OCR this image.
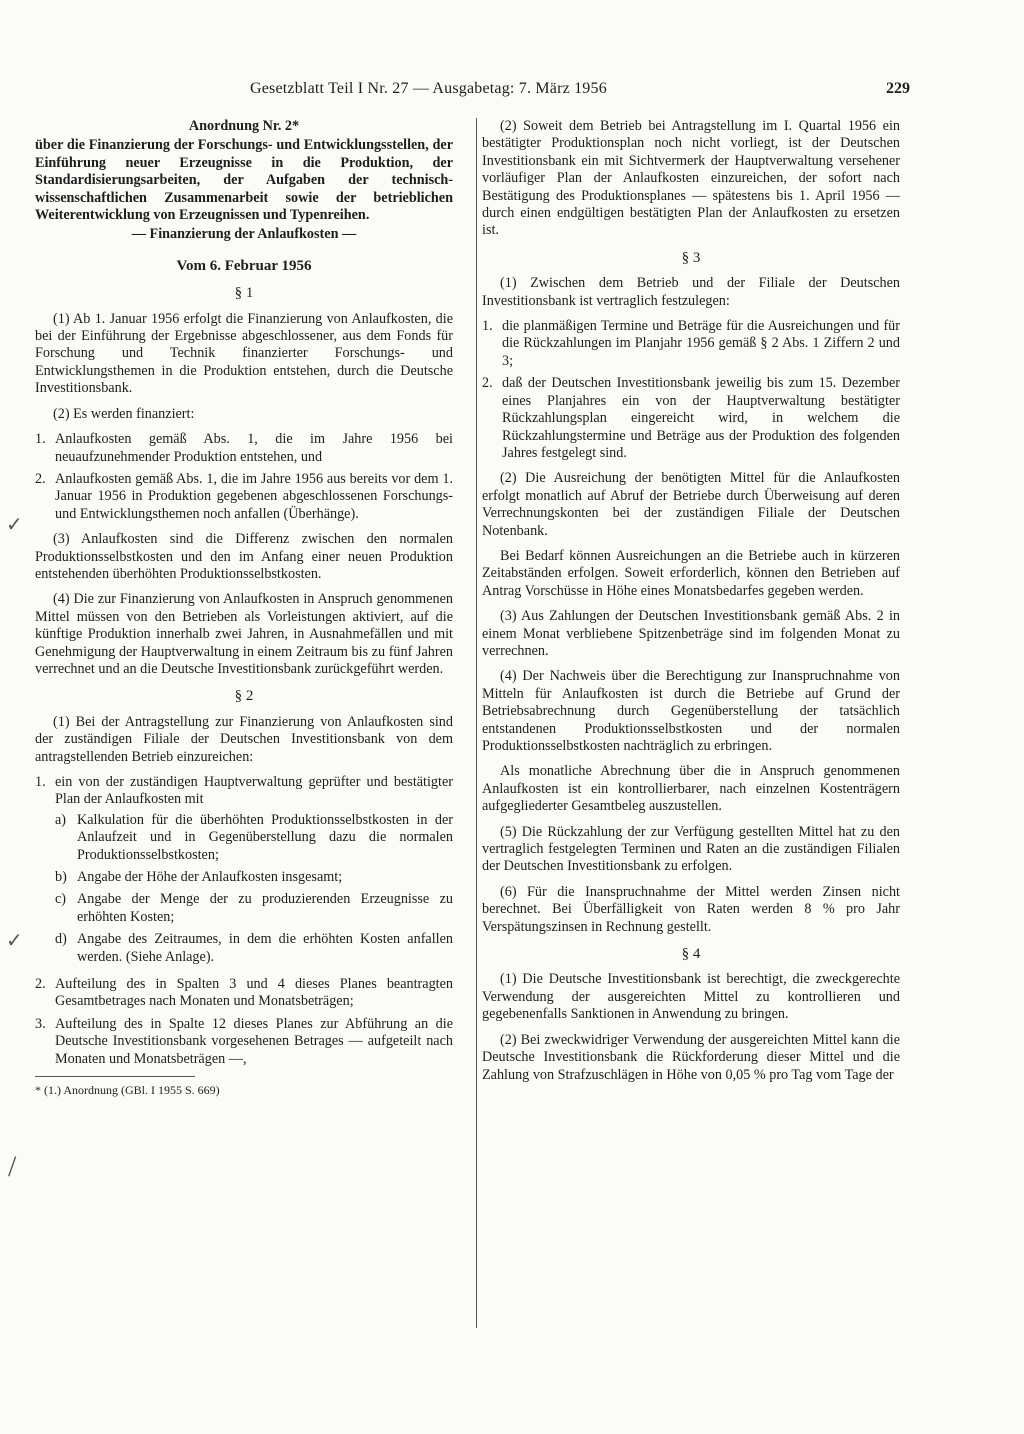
Gesetzblatt Teil I Nr. 27 — Ausgabetag: 7. März 1956	229
✓
✓
/
Anordnung Nr. 2*
über die Finanzierung der Forschungs- und Entwicklungsstellen, der Einführung neuer Erzeugnisse in die Produktion, der Standardisierungsarbeiten, der Aufgaben der technisch-wissenschaftlichen Zusammenarbeit sowie der betrieblichen Weiterentwicklung von Erzeugnissen und Typenreihen.
— Finanzierung der Anlaufkosten —
Vom 6. Februar 1956
§ 1

(1) Ab 1. Januar 1956 erfolgt die Finanzierung von Anlaufkosten, die bei der Einführung der Ergebnisse abgeschlossener, aus dem Fonds für Forschung und Technik finanzierter Forschungs- und Entwicklungsthemen in die Produktion entstehen, durch die Deutsche Investitionsbank.

(2) Es werden finanziert:

1. Anlaufkosten gemäß Abs. 1, die im Jahre 1956 bei neuaufzunehmender Produktion entstehen, und
2. Anlaufkosten gemäß Abs. 1, die im Jahre 1956 aus bereits vor dem 1. Januar 1956 in Produktion gegebenen abgeschlossenen Forschungs- und Entwicklungsthemen noch anfallen (Überhänge).

(3) Anlaufkosten sind die Differenz zwischen den normalen Produktionsselbstkosten und den im Anfang einer neuen Produktion entstehenden überhöhten Produktionsselbstkosten.

(4) Die zur Finanzierung von Anlaufkosten in Anspruch genommenen Mittel müssen von den Betrieben als Vorleistungen aktiviert, auf die künftige Produktion innerhalb zwei Jahren, in Ausnahmefällen und mit Genehmigung der Hauptverwaltung in einem Zeitraum bis zu fünf Jahren verrechnet und an die Deutsche Investitionsbank zurückgeführt werden.

§ 2

(1) Bei der Antragstellung zur Finanzierung von Anlaufkosten sind der zuständigen Filiale der Deutschen Investitionsbank von dem antragstellenden Betrieb einzureichen:

1. ein von der zuständigen Hauptverwaltung geprüfter und bestätigter Plan der Anlaufkosten mit
a) Kalkulation für die überhöhten Produktionsselbstkosten in der Anlaufzeit und in Gegenüberstellung dazu die normalen Produktionsselbstkosten;
b) Angabe der Höhe der Anlaufkosten insgesamt;
c) Angabe der Menge der zu produzierenden Erzeugnisse zu erhöhten Kosten;
d) Angabe des Zeitraumes, in dem die erhöhten Kosten anfallen werden. (Siehe Anlage).
2. Aufteilung des in Spalten 3 und 4 dieses Planes beantragten Gesamtbetrages nach Monaten und Monatsbeträgen;
3. Aufteilung des in Spalte 12 dieses Planes zur Abführung an die Deutsche Investitionsbank vorgesehenen Betrages — aufgeteilt nach Monaten und Monatsbeträgen —,

* (1.) Anordnung (GBl. I 1955 S. 669)

(2) Soweit dem Betrieb bei Antragstellung im I. Quartal 1956 ein bestätigter Produktionsplan noch nicht vorliegt, ist der Deutschen Investitionsbank ein mit Sichtvermerk der Hauptverwaltung versehener vorläufiger Plan der Anlaufkosten einzureichen, der sofort nach Bestätigung des Produktionsplanes — spätestens bis 1. April 1956 — durch einen endgültigen bestätigten Plan der Anlaufkosten zu ersetzen ist.

§ 3

(1) Zwischen dem Betrieb und der Filiale der Deutschen Investitionsbank ist vertraglich festzulegen:

1. die planmäßigen Termine und Beträge für die Ausreichungen und für die Rückzahlungen im Planjahr 1956 gemäß § 2 Abs. 1 Ziffern 2 und 3;
2. daß der Deutschen Investitionsbank jeweilig bis zum 15. Dezember eines Planjahres ein von der Hauptverwaltung bestätigter Rückzahlungsplan eingereicht wird, in welchem die Rückzahlungstermine und Beträge aus der Produktion des folgenden Jahres festgelegt sind.

(2) Die Ausreichung der benötigten Mittel für die Anlaufkosten erfolgt monatlich auf Abruf der Betriebe durch Überweisung auf deren Verrechnungskonten bei der zuständigen Filiale der Deutschen Notenbank.

Bei Bedarf können Ausreichungen an die Betriebe auch in kürzeren Zeitabständen erfolgen. Soweit erforderlich, können den Betrieben auf Antrag Vorschüsse in Höhe eines Monatsbedarfes gegeben werden.

(3) Aus Zahlungen der Deutschen Investitionsbank gemäß Abs. 2 in einem Monat verbliebene Spitzenbeträge sind im folgenden Monat zu verrechnen.

(4) Der Nachweis über die Berechtigung zur Inanspruchnahme von Mitteln für Anlaufkosten ist durch die Betriebe auf Grund der Betriebsabrechnung durch Gegenüberstellung der tatsächlich entstandenen Produktionsselbstkosten und der normalen Produktionsselbstkosten nachträglich zu erbringen.

Als monatliche Abrechnung über die in Anspruch genommenen Anlaufkosten ist ein kontrollierbarer, nach einzelnen Kostenträgern aufgegliederter Gesamtbeleg auszustellen.

(5) Die Rückzahlung der zur Verfügung gestellten Mittel hat zu den vertraglich festgelegten Terminen und Raten an die zuständigen Filialen der Deutschen Investitionsbank zu erfolgen.

(6) Für die Inanspruchnahme der Mittel werden Zinsen nicht berechnet. Bei Überfälligkeit von Raten werden 8 % pro Jahr Verspätungszinsen in Rechnung gestellt.

§ 4

(1) Die Deutsche Investitionsbank ist berechtigt, die zweckgerechte Verwendung der ausgereichten Mittel zu kontrollieren und gegebenenfalls Sanktionen in Anwendung zu bringen.

(2) Bei zweckwidriger Verwendung der ausgereichten Mittel kann die Deutsche Investitionsbank die Rückforderung dieser Mittel und die Zahlung von Strafzuschlägen in Höhe von 0,05 % pro Tag vom Tage der
